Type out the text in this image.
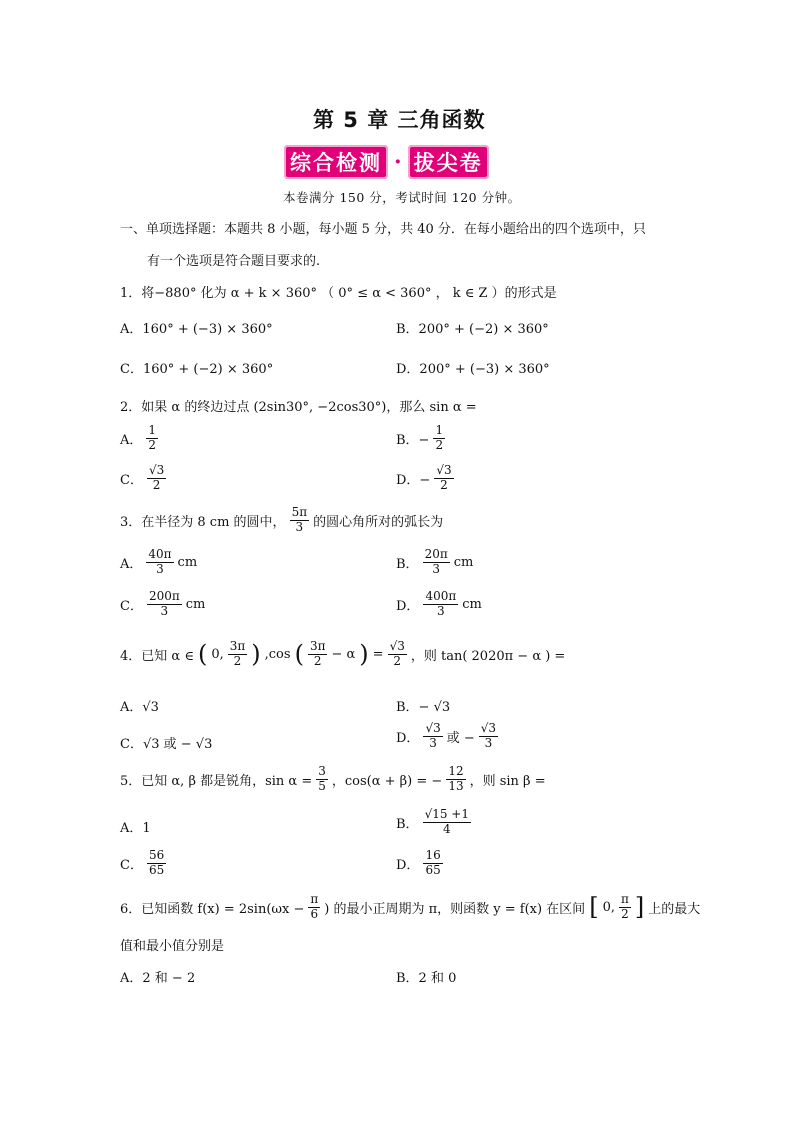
第 5 章 三角函数
综合检测 · 拔尖卷
本卷满分 150 分，考试时间 120 分钟。
一、单项选择题：本题共 8 小题，每小题 5 分，共 40 分．在每小题给出的四个选项中，只
有一个选项是符合题目要求的.
1．将−880° 化为 α + k × 360° （ 0° ≤ α < 360° ， k ∈ Z ）的形式是
A．160° + (−3) × 360°	B．200° + (−2) × 360°
C．160° + (−2) × 360°	D．200° + (−3) × 360°
2．如果 α 的终边过点 (2sin30°, −2cos30°)，那么 sin α =
A． $\frac{1}{2}$	B．− $\frac{1}{2}$
C． $\frac{√3}{2}$	D．− $\frac{√3}{2}$
3．在半径为 8 cm 的圆中， $\frac{5\pi}{3}$ 的圆心角所对的弧长为
A． $\frac{40\pi}{3}$ cm	B． $\frac{20\pi}{3}$ cm
C． $\frac{200\pi}{3}$ cm	D． $\frac{400\pi}{3}$ cm
4．已知 α ∈ ( 0, $\frac{3\pi}{2}$ ) ,cos ( $\frac{3\pi}{2} - \alpha$ ) = $\frac{√3}{2}$ ，则 tan( 2020π − α ) =
A．√3	B．− √3
C．√3 或 − √3	D． $\frac{√3}{3}$ 或 − $\frac{√3}{3}$
5．已知 α, β 都是锐角，$\sin \alpha = \frac{3}{5}$ ，cos(α + β) = − $\frac{12}{13}$ ，则 sin β =
A．1	B． $\frac{√15 +1}{4}$
C． $\frac{56}{65}$	D． $\frac{16}{65}$
6．已知函数 $f(x) = 2\sin(\omega x - \frac{\pi}{6}$ ) 的最小正周期为 π，则函数 y = f(x) 在区间 [ 0, $\frac{\pi}{2}$ ] 上的最大
值和最小值分别是
A．2 和 − 2	B．2 和 0
